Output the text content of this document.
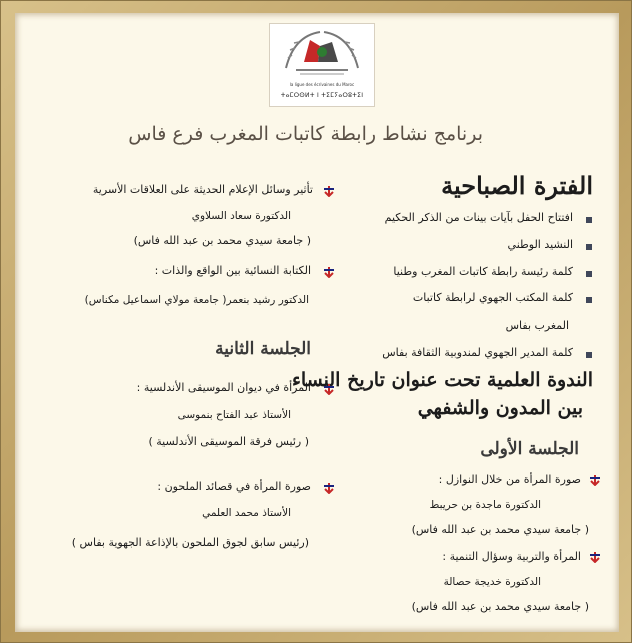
la ligue des écrivaines du Maroc
ⵜⴰⵎⵔⵙⵍⵜ ⵏ ⵜⵉⵎⵢⴰⵔⵓⵜⵉⵏ
برنامج نشاط رابطة كاتبات المغرب فرع فاس
الفترة الصباحية
افتتاح الحفل بآيات بينات من الذكر الحكيم
النشيد الوطني
كلمة رئيسة رابطة كاتبات المغرب وطنيا
كلمة المكتب الجهوي لرابطة كاتبات
المغرب بفاس
كلمة المدير الجهوي لمندوبية الثقافة بفاس
الندوة العلمية تحت عنوان تاريخ النساء
بين المدون والشفهي
الجلسة الأولى
صورة المرأة من خلال النوازل :
الدكتورة ماجدة بن حريبط
( جامعة سيدي محمد بن عبد الله فاس)
المرأة والتربية وسؤال التنمية :
الدكتورة خديجة حصالة
( جامعة سيدي محمد بن عبد الله فاس)
تأثير وسائل الإعلام الحديثة على العلاقات الأسرية
الدكتورة سعاد السلاوي
( جامعة سيدي محمد بن عبد الله فاس)
الكتابة النسائية بين الواقع والذات :
الدكتور رشيد بنعمر( جامعة مولاي اسماعيل مكناس)
الجلسة الثانية
المرأة في ديوان الموسيقى الأندلسية :
الأستاذ عبد الفتاح بنموسى
( رئيس فرقة الموسيقى الأندلسية )
صورة المرأة في قصائد الملحون :
الأستاذ محمد العلمي
(رئيس سابق لجوق الملحون بالإذاعة الجهوية بفاس )
